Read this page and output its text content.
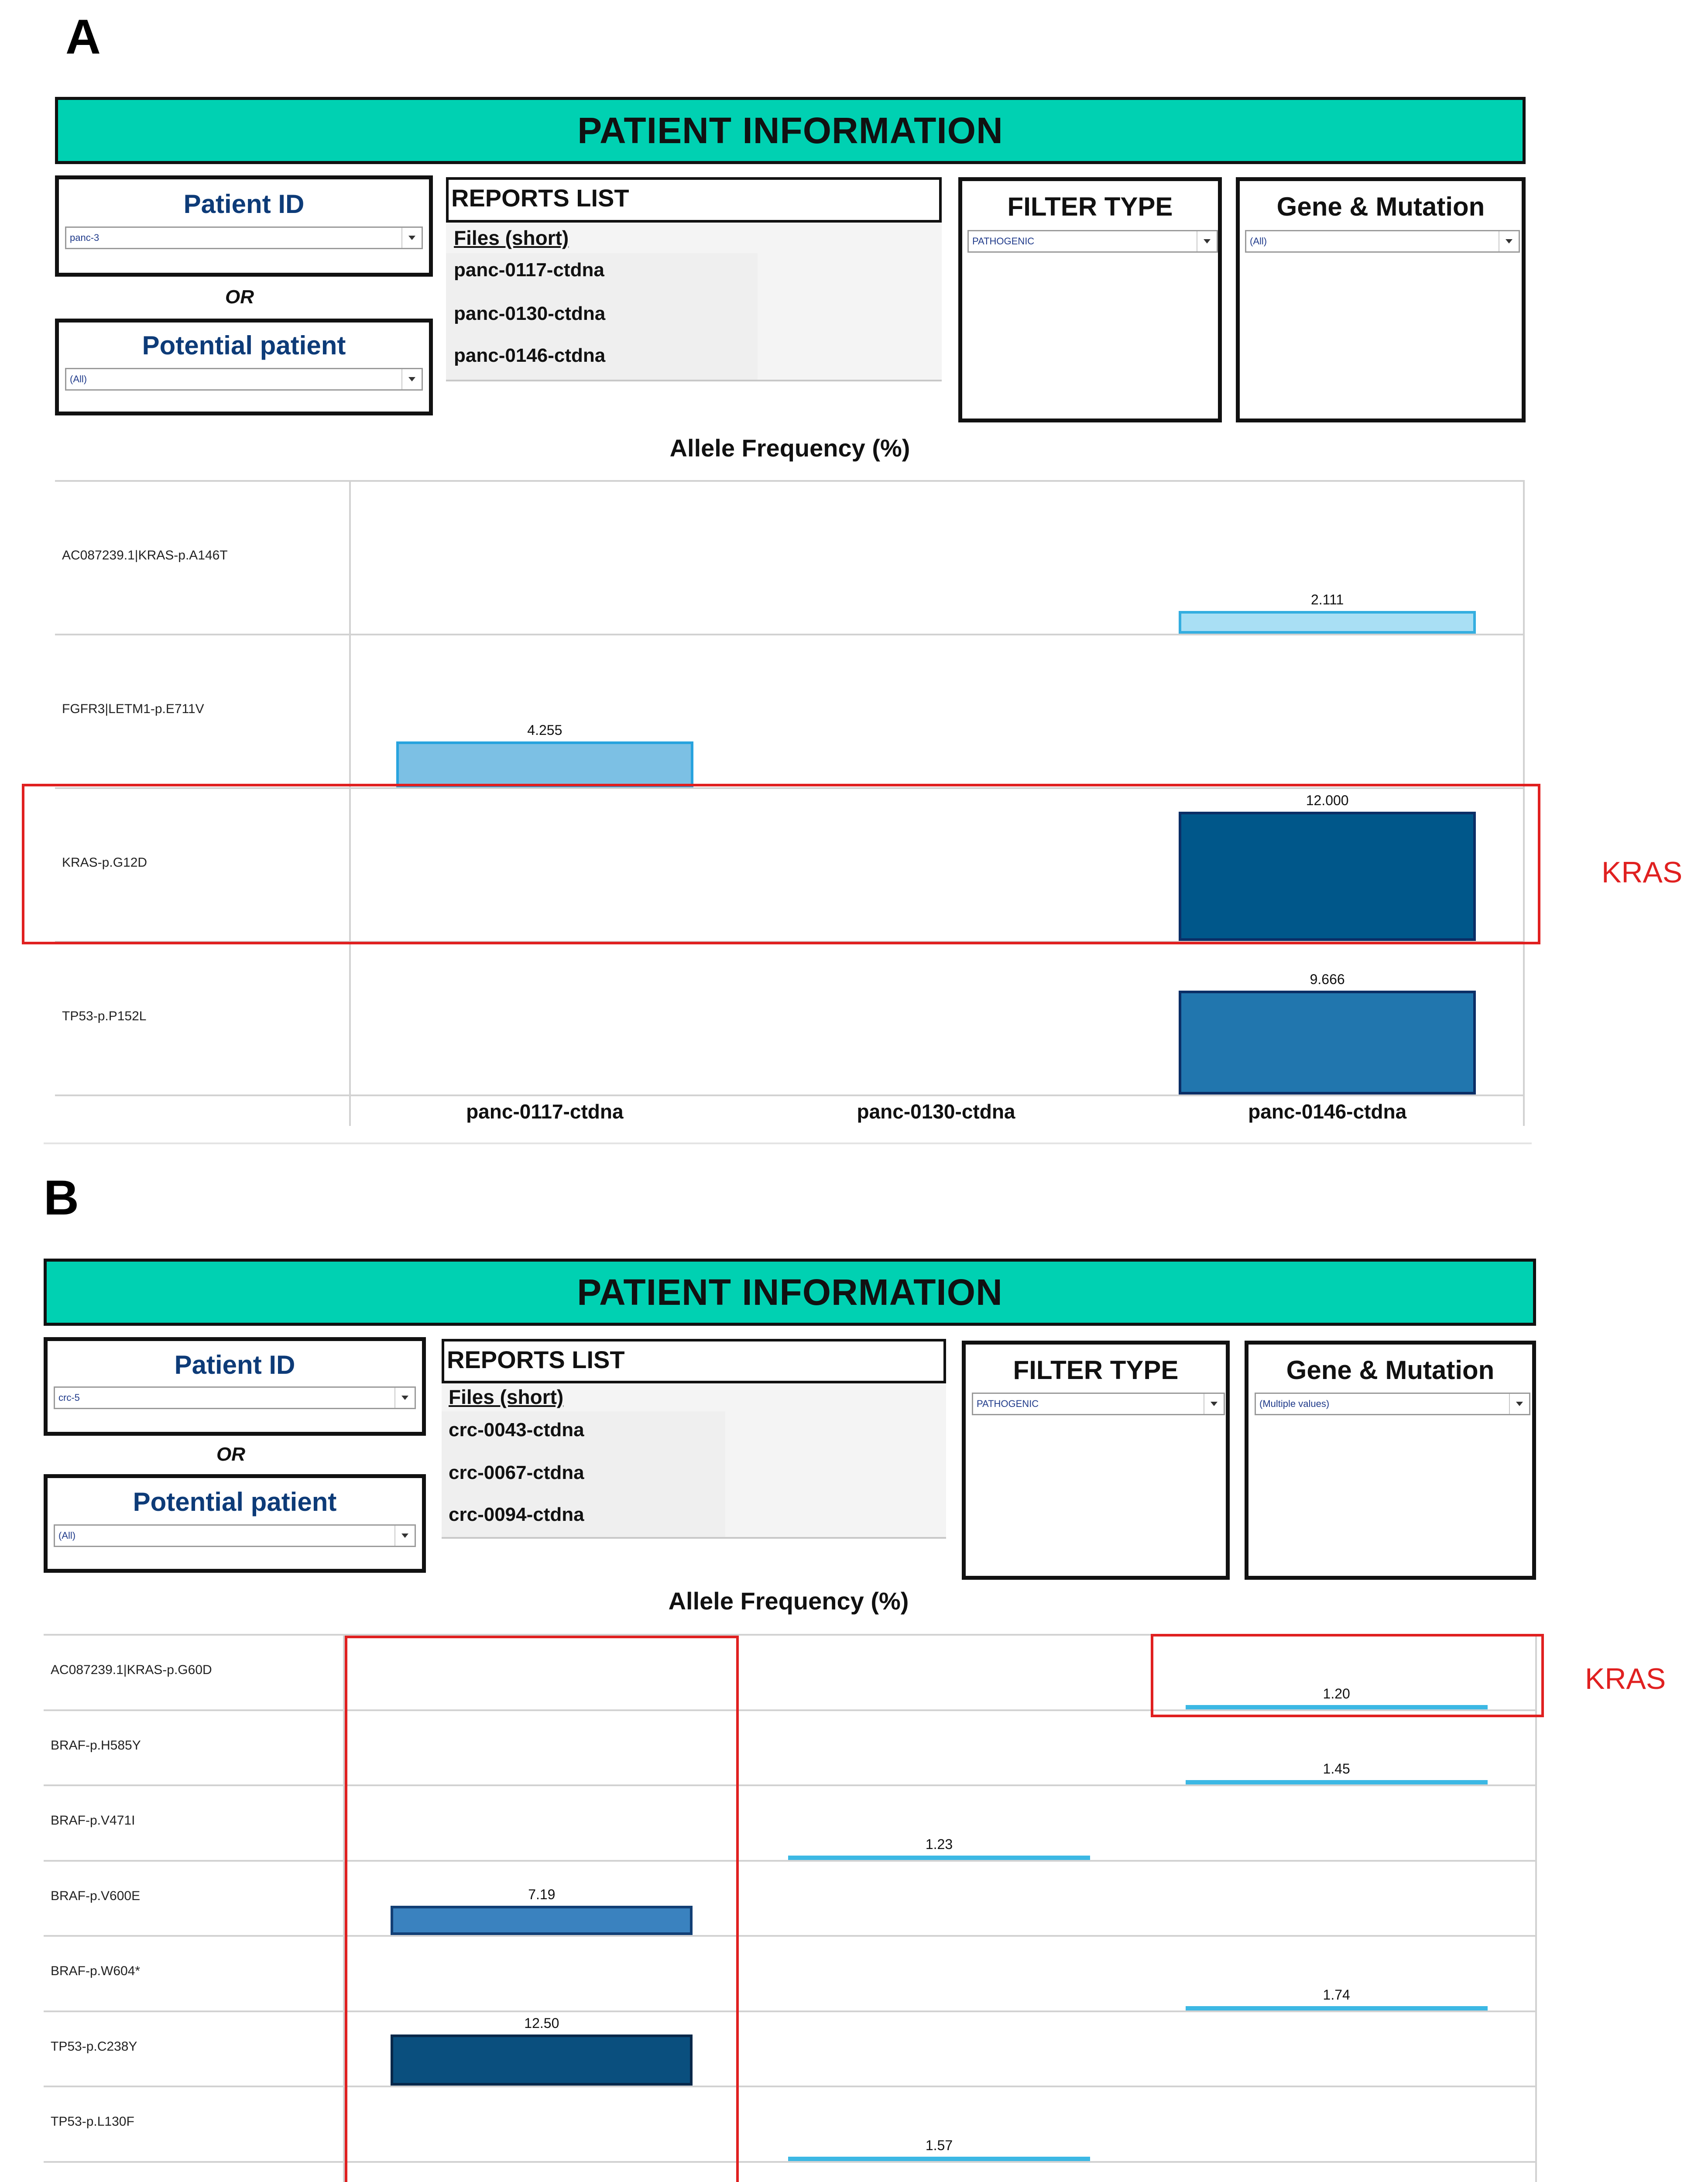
A
PATIENT INFORMATION
Patient ID
panc-3
OR
Potential patient
(All)
REPORTS LIST
Files (short)
panc-0117-ctdna
panc-0130-ctdna
panc-0146-ctdna
FILTER TYPE
PATHOGENIC
Gene & Mutation
(All)
Allele Frequency (%)
AC087239.1|KRAS-p.A146T
FGFR3|LETM1-p.E711V
KRAS-p.G12D
TP53-p.P152L
panc-0117-ctdna	panc-0130-ctdna	panc-0146-ctdna
2.111
4.255
12.000
9.666
KRAS
B
PATIENT INFORMATION
Patient ID
crc-5
OR
Potential patient
(All)
REPORTS LIST
Files (short)
crc-0043-ctdna
crc-0067-ctdna
crc-0094-ctdna
FILTER TYPE
PATHOGENIC
Gene & Mutation
(Multiple values)
Allele Frequency (%)
AC087239.1|KRAS-p.G60D
BRAF-p.H585Y
BRAF-p.V471I
BRAF-p.V600E
BRAF-p.W604*
TP53-p.C238Y
TP53-p.L130F
1.20
1.45
1.23
7.19
1.74
12.50
1.57
KRAS
